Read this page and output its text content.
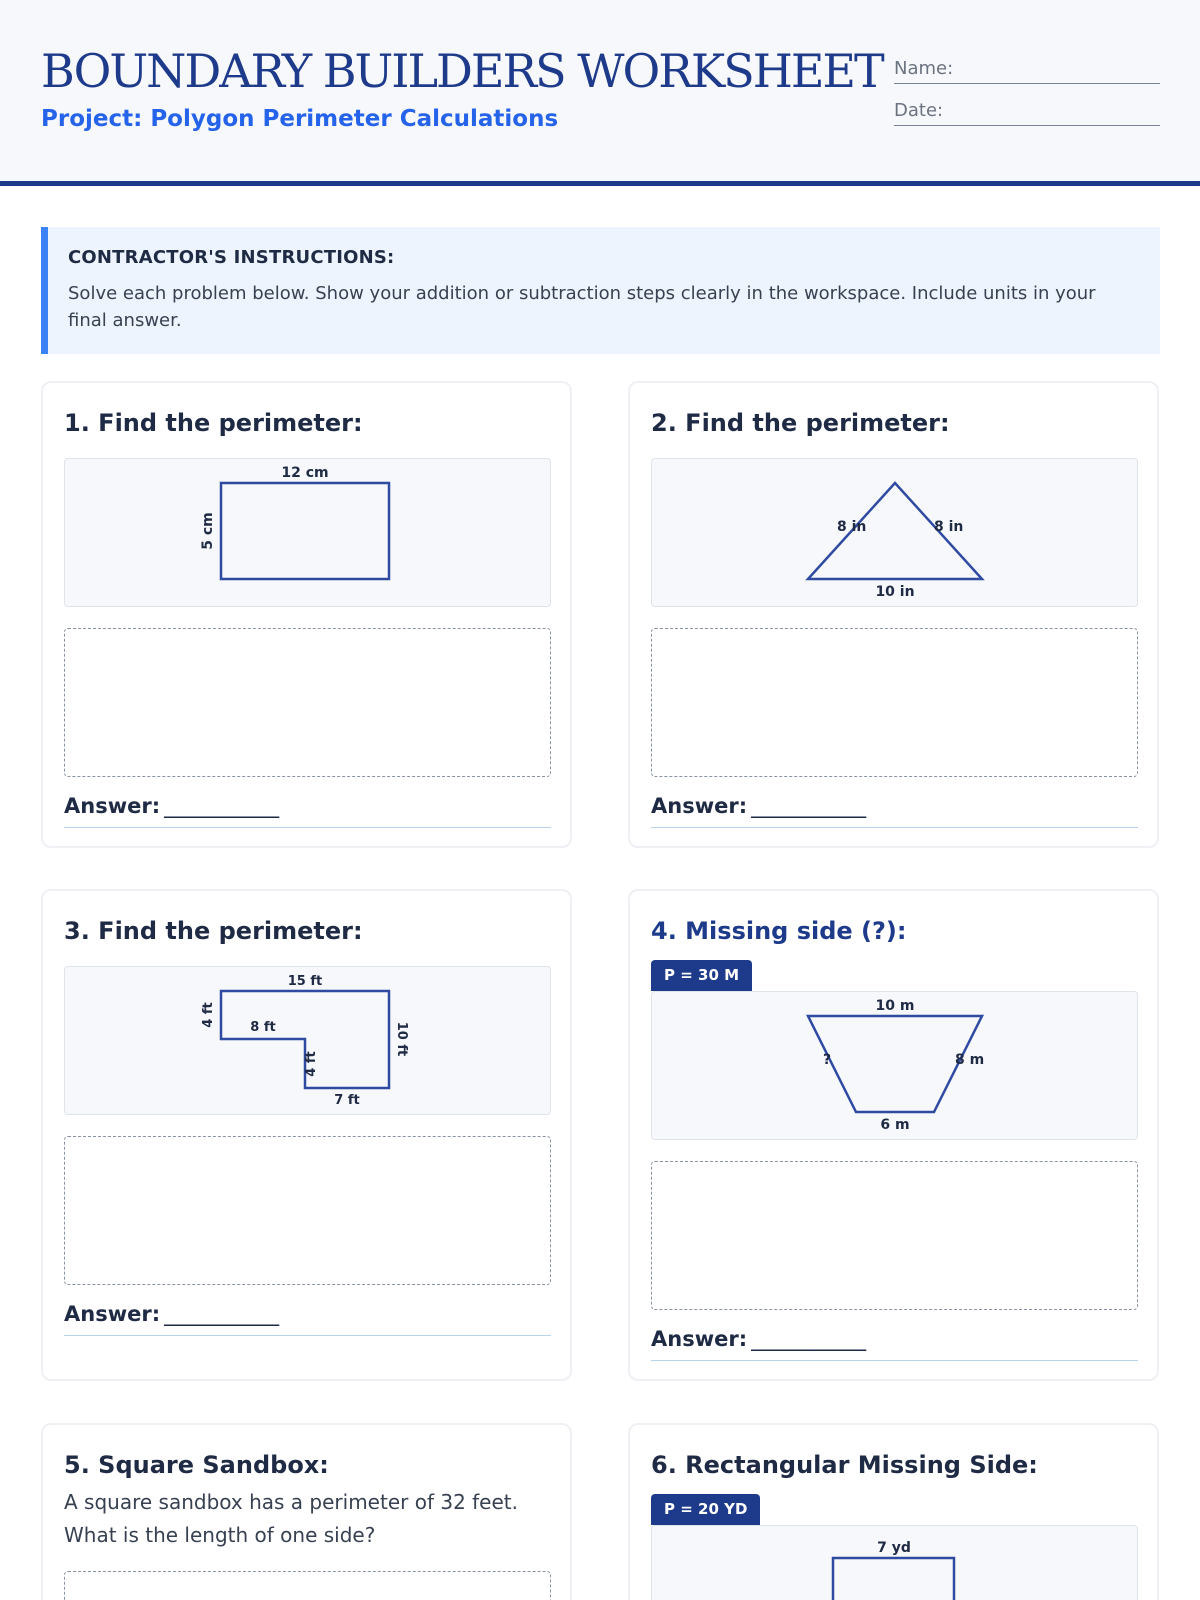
BOUNDARY BUILDERS WORKSHEET
Project: Polygon Perimeter Calculations
Name:
Date:
CONTRACTOR'S INSTRUCTIONS:
Solve each problem below. Show your addition or subtraction steps clearly in the workspace. Include units in your final answer.
1. Find the perimeter:
12 cm
5 cm
Answer: ____________
2. Find the perimeter:
8 in	8 in
10 in
Answer: ____________
3. Find the perimeter:
15 ft
4 ft	8 ft
4 ft
10 ft
7 ft
Answer: ____________
4. Missing side (?):
P = 30 M
10 m
?	8 m
6 m
Answer: ____________
5. Square Sandbox:
A square sandbox has a perimeter of 32 feet. What is the length of one side?
6. Rectangular Missing Side:
P = 20 YD
7 yd
